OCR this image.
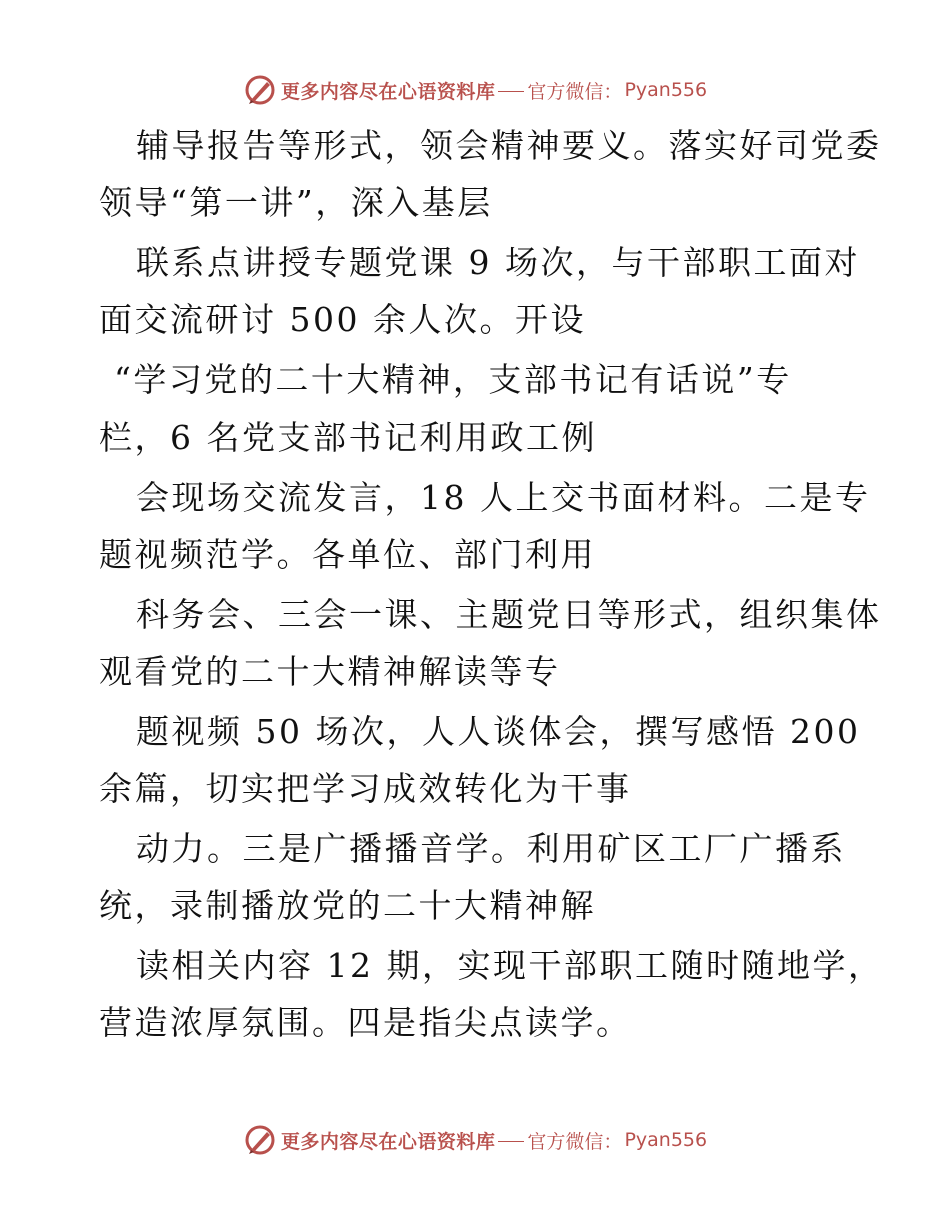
更多内容尽在心语资料库 官方微信： Pyan556
辅导报告等形式，领会精神要义。落实好司党委
领导“第一讲”，深入基层
联系点讲授专题党课 9 场次，与干部职工面对
面交流研讨 500 余人次。开设
“学习党的二十大精神，支部书记有话说”专
栏，6 名党支部书记利用政工例
会现场交流发言，18 人上交书面材料。二是专
题视频范学。各单位、部门利用
科务会、三会一课、主题党日等形式，组织集体
观看党的二十大精神解读等专
题视频 50 场次，人人谈体会，撰写感悟 200
余篇，切实把学习成效转化为干事
动力。三是广播播音学。利用矿区工厂广播系
统，录制播放党的二十大精神解
读相关内容 12 期，实现干部职工随时随地学，
营造浓厚氛围。四是指尖点读学。
更多内容尽在心语资料库 官方微信： Pyan556
